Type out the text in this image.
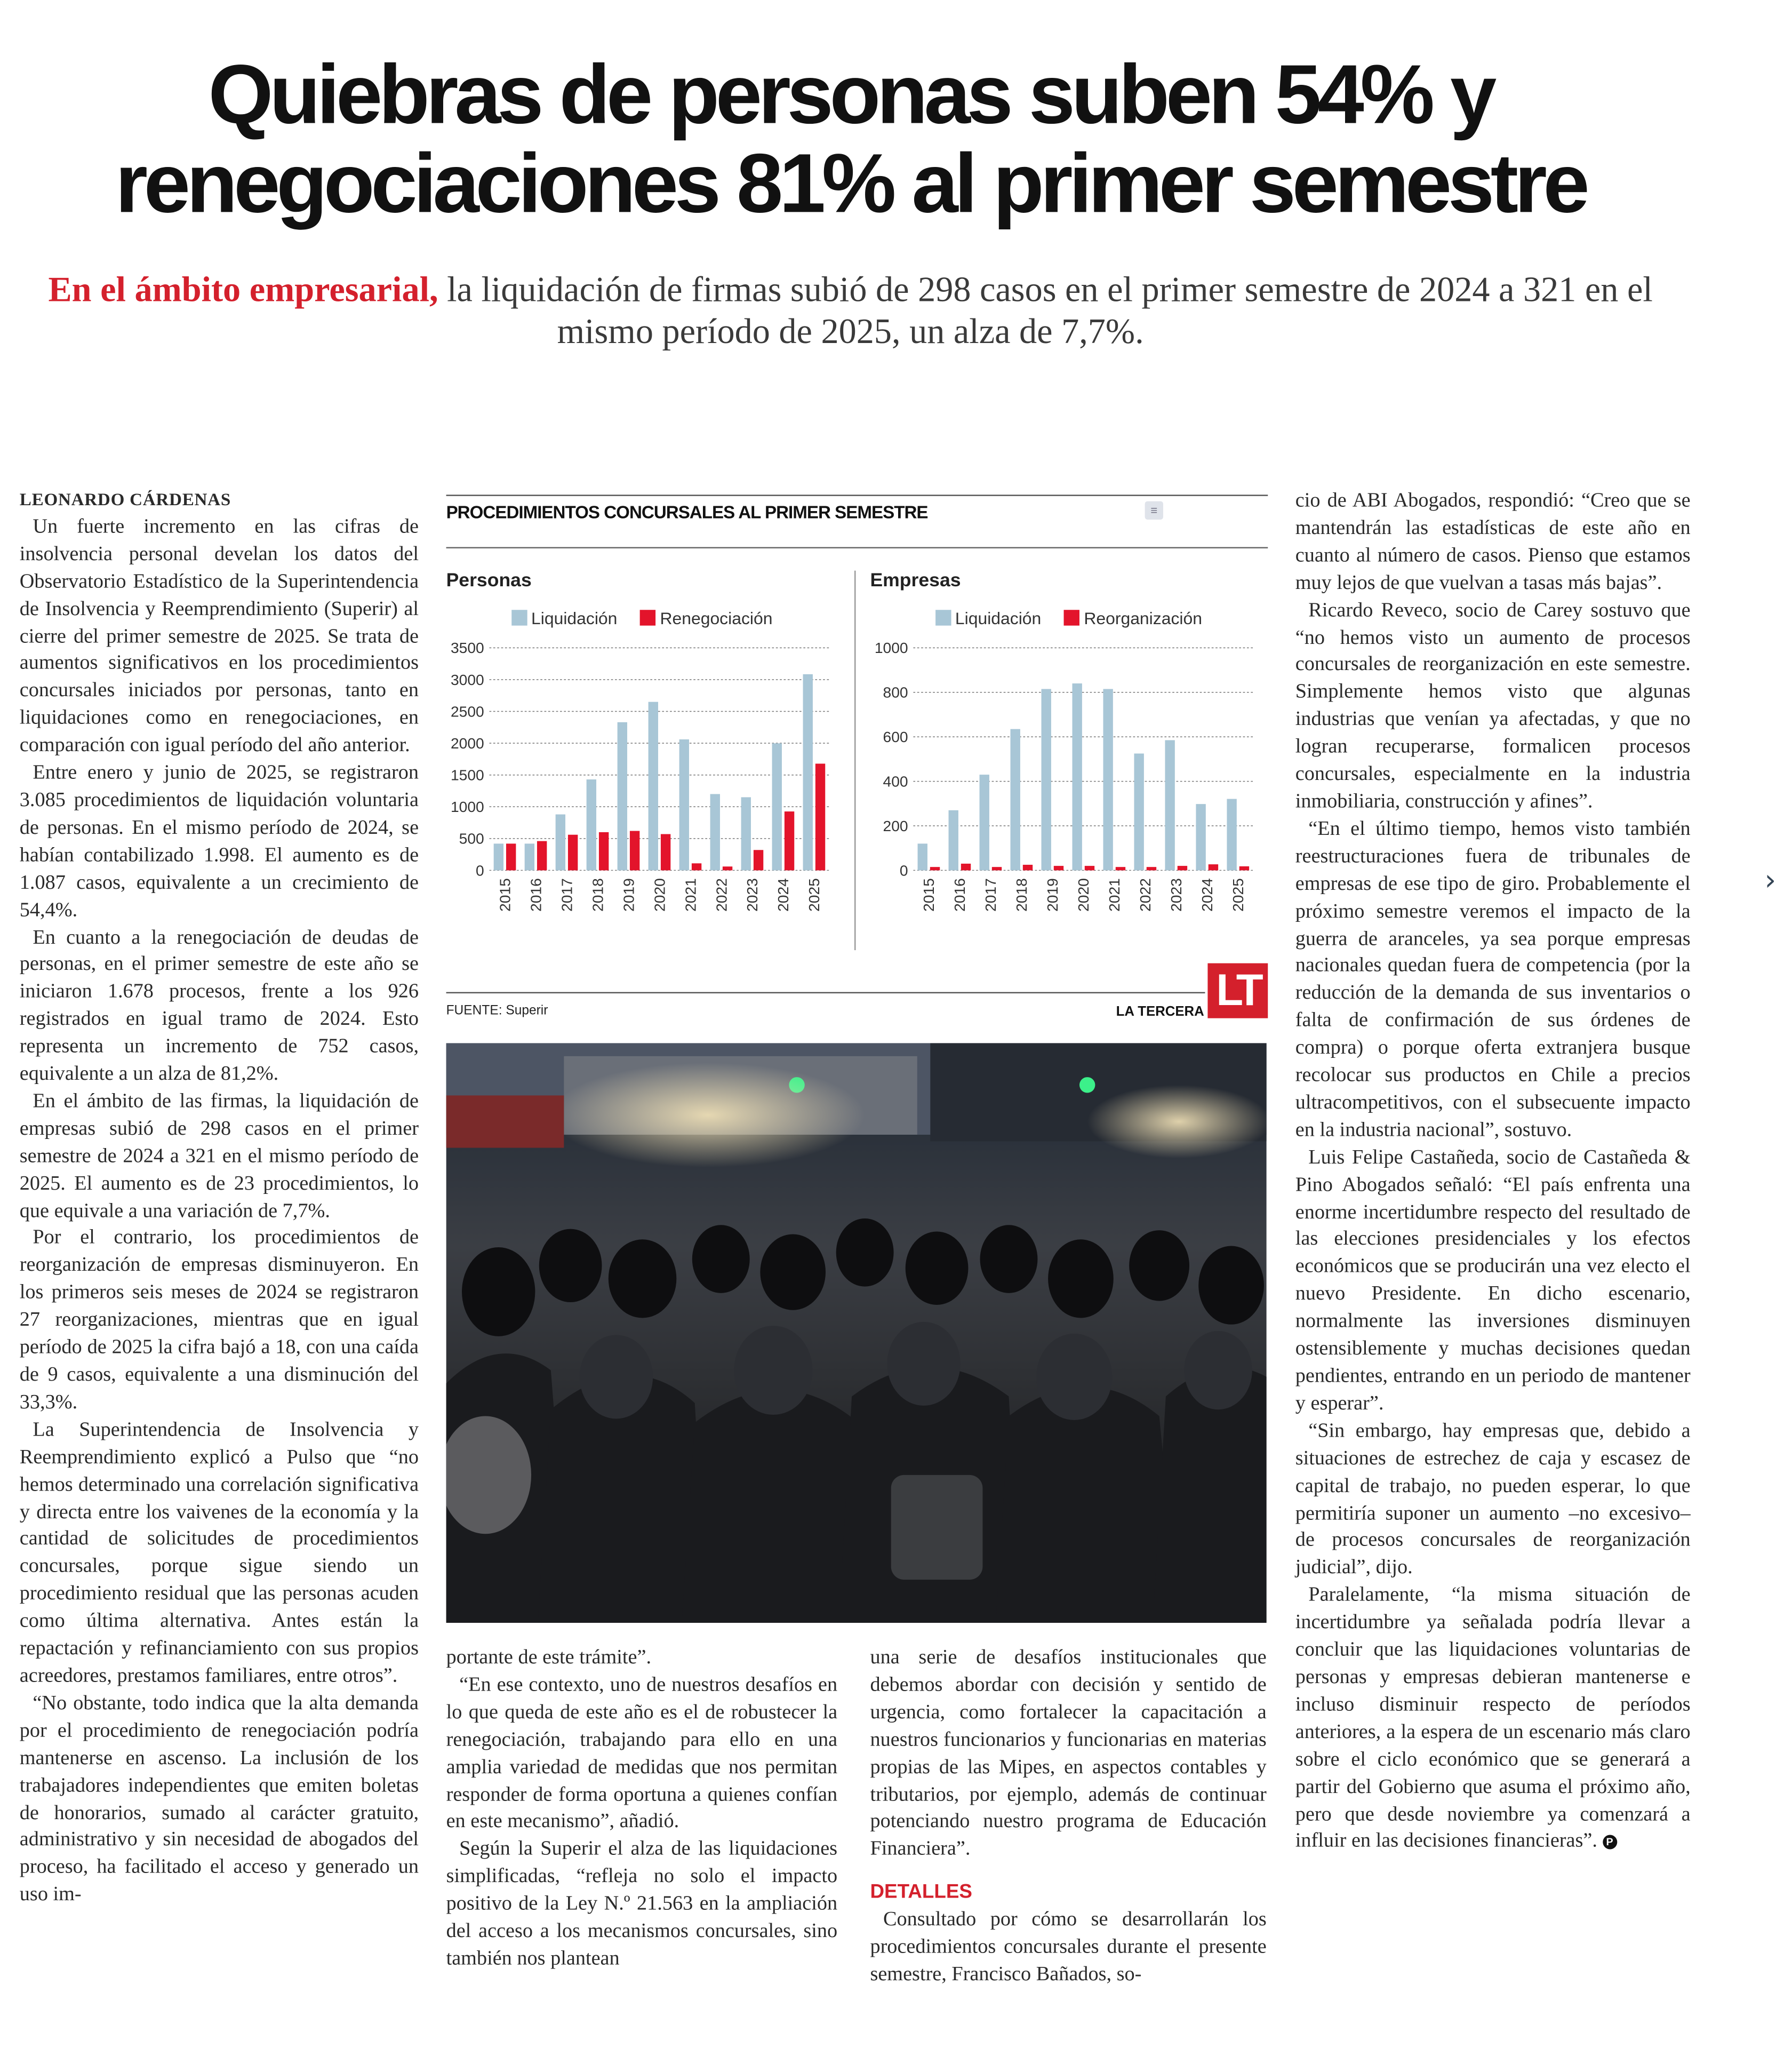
Quiebras de personas suben 54% y
renegociaciones 81% al primer semestre
En el ámbito empresarial, la liquidación de firmas subió de 298 casos en el primer semestre de 2024 a 321 en el mismo período de 2025, un alza de 7,7%.

LEONARDO CÁRDENAS

Un fuerte incremento en las cifras de insolvencia personal develan los datos del Observatorio Estadístico de la Superintendencia de Insolvencia y Reemprendimiento (Superir) al cierre del primer semestre de 2025. Se trata de aumentos significativos en los procedimientos concursales iniciados por personas, tanto en liquidaciones como en renegociaciones, en comparación con igual período del año anterior.

Entre enero y junio de 2025, se registraron 3.085 procedimientos de liquidación voluntaria de personas. En el mismo período de 2024, se habían contabilizado 1.998. El aumento es de 1.087 casos, equivalente a un crecimiento de 54,4%.

En cuanto a la renegociación de deudas de personas, en el primer semestre de este año se iniciaron 1.678 procesos, frente a los 926 registrados en igual tramo de 2024. Esto representa un incremento de 752 casos, equivalente a un alza de 81,2%.

En el ámbito de las firmas, la liquidación de empresas subió de 298 casos en el primer semestre de 2024 a 321 en el mismo período de 2025. El aumento es de 23 procedimientos, lo que equivale a una variación de 7,7%.

Por el contrario, los procedimientos de reorganización de empresas disminuyeron. En los primeros seis meses de 2024 se registraron 27 reorganizaciones, mientras que en igual período de 2025 la cifra bajó a 18, con una caída de 9 casos, equivalente a una disminución del 33,3%.

La Superintendencia de Insolvencia y Reemprendimiento explicó a Pulso que “no hemos determinado una correlación significativa y directa entre los vaivenes de la economía y la cantidad de solicitudes de procedimientos concursales, porque sigue siendo un procedimiento residual que las personas acuden como última alternativa. Antes están la repactación y refinanciamiento con sus propios acreedores, prestamos familiares, entre otros”.

“No obstante, todo indica que la alta demanda por el procedimiento de renegociación podría mantenerse en ascenso. La inclusión de los trabajadores independientes que emiten boletas de honorarios, sumado al carácter gratuito, administrativo y sin necesidad de abogados del proceso, ha facilitado el acceso y generado un uso im-

PROCEDIMIENTOS CONCURSALES AL PRIMER SEMESTRE	≡
Personas
Liquidación	Renegociación
0
500
1000
1500
2000
2500
3000
3500
2015 2016 2017 2018 2019 2020 2021 2022 2023 2024 2025
Empresas
Liquidación	Reorganización
0
200
400
600
800
1000
2015 2016 2017 2018 2019 2020 2021 2022 2023 2024 2025
FUENTE: Superir	LA TERCERA LT

portante de este trámite”.

“En ese contexto, uno de nuestros desafíos en lo que queda de este año es el de robustecer la renegociación, trabajando para ello en una amplia variedad de medidas que nos permitan responder de forma oportuna a quienes confían en este mecanismo”, añadió.

Según la Superir el alza de las liquidaciones simplificadas, “refleja no solo el impacto positivo de la Ley N.º 21.563 en la ampliación del acceso a los mecanismos concursales, sino también nos plantean

una serie de desafíos institucionales que debemos abordar con decisión y sentido de urgencia, como fortalecer la capacitación a nuestros funcionarios y funcionarias en materias propias de las Mipes, en aspectos contables y tributarios, por ejemplo, además de continuar potenciando nuestro programa de Educación Financiera”.

DETALLES

Consultado por cómo se desarrollarán los procedimientos concursales durante el presente semestre, Francisco Bañados, so-

cio de ABI Abogados, respondió: “Creo que se mantendrán las estadísticas de este año en cuanto al número de casos. Pienso que estamos muy lejos de que vuelvan a tasas más bajas”.

Ricardo Reveco, socio de Carey sostuvo que “no hemos visto un aumento de procesos concursales de reorganización en este semestre. Simplemente hemos visto que algunas industrias que venían ya afectadas, y que no logran recuperarse, formalicen procesos concursales, especialmente en la industria inmobiliaria, construcción y afines”.

“En el último tiempo, hemos visto también reestructuraciones fuera de tribunales de empresas de ese tipo de giro. Probablemente el próximo semestre veremos el impacto de la guerra de aranceles, ya sea porque empresas nacionales quedan fuera de competencia (por la reducción de la demanda de sus inventarios o falta de confirmación de sus órdenes de compra) o porque oferta extranjera busque recolocar sus productos en Chile a precios ultracompetitivos, con el subsecuente impacto en la industria nacional”, sostuvo.

Luis Felipe Castañeda, socio de Castañeda & Pino Abogados señaló: “El país enfrenta una enorme incertidumbre respecto del resultado de las elecciones presidenciales y los efectos económicos que se producirán una vez electo el nuevo Presidente. En dicho escenario, normalmente las inversiones disminuyen ostensiblemente y muchas decisiones quedan pendientes, entrando en un periodo de mantener y esperar”.

“Sin embargo, hay empresas que, debido a situaciones de estrechez de caja y escasez de capital de trabajo, no pueden esperar, lo que permitiría suponer un aumento –no excesivo– de procesos concursales de reorganización judicial”, dijo.

Paralelamente, “la misma situación de incertidumbre ya señalada podría llevar a concluir que las liquidaciones voluntarias de personas y empresas debieran mantenerse e incluso disminuir respecto de períodos anteriores, a la espera de un escenario más claro sobre el ciclo económico que se generará a partir del Gobierno que asuma el próximo año, pero que desde noviembre ya comenzará a influir en las decisiones financieras”. P

›
